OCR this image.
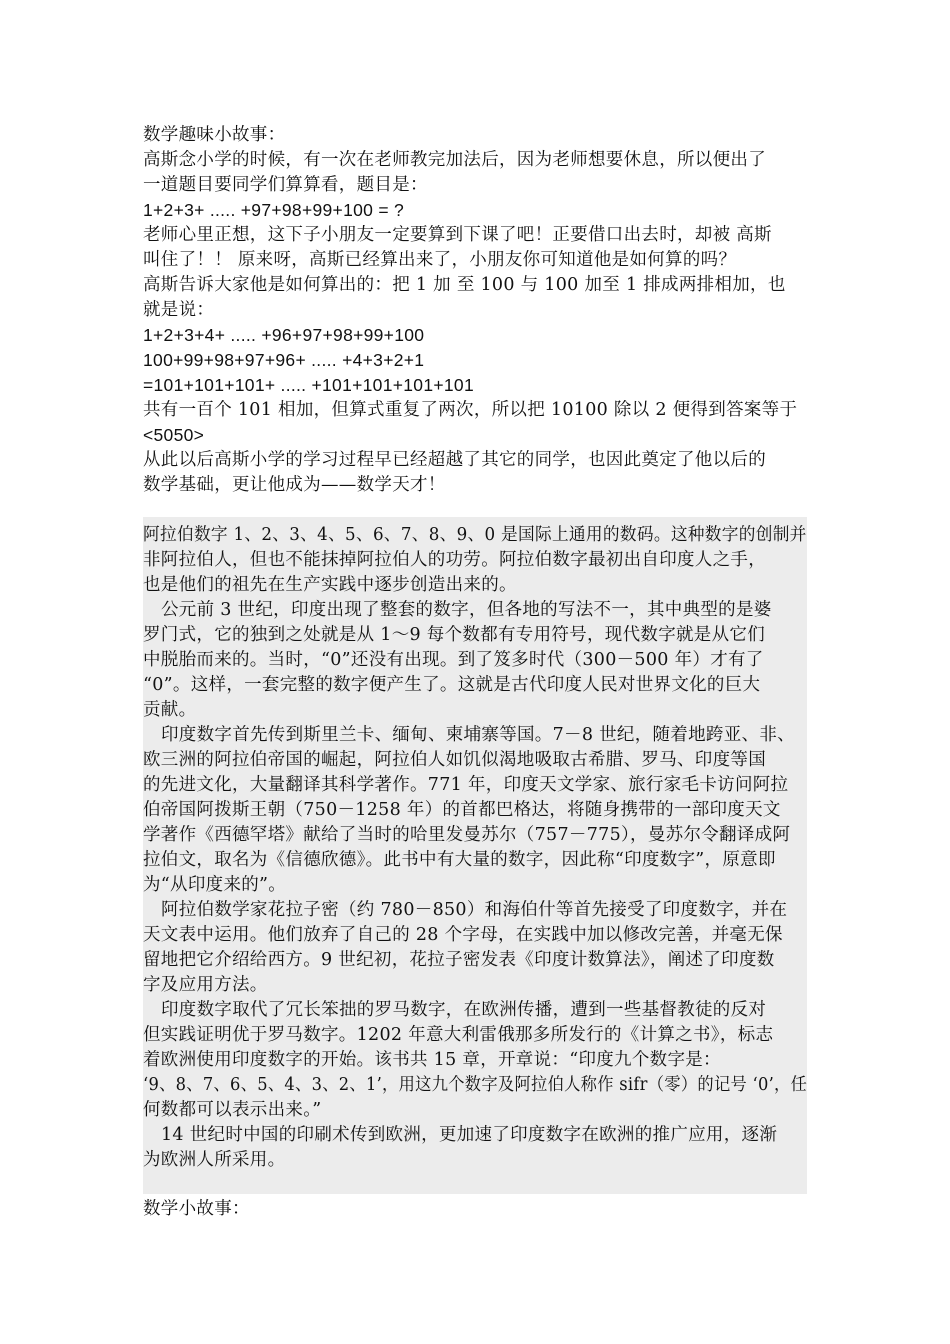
数学趣味小故事：
高斯念小学的时候，有一次在老师教完加法后，因为老师想要休息，所以便出了
一道题目要同学们算算看，题目是：
1+2+3+ ..... +97+98+99+100 = ?
老师心里正想，这下子小朋友一定要算到下课了吧！正要借口出去时，却被 高斯
叫住了！！ 原来呀，高斯已经算出来了，小朋友你可知道他是如何算的吗？
高斯告诉大家他是如何算出的：把 1 加 至 100 与 100 加至 1 排成两排相加，也
就是说：
1+2+3+4+ ..... +96+97+98+99+100
100+99+98+97+96+ ..... +4+3+2+1
=101+101+101+ ..... +101+101+101+101
共有一百个 101 相加，但算式重复了两次，所以把 10100 除以 2 便得到答案等于
<5050>
从此以后高斯小学的学习过程早已经超越了其它的同学，也因此奠定了他以后的
数学基础，更让他成为——数学天才！
阿拉伯数字 1、2、3、4、5、6、7、8、9、0 是国际上通用的数码。这种数字的创制并
非阿拉伯人，但也不能抹掉阿拉伯人的功劳。阿拉伯数字最初出自印度人之手，
也是他们的祖先在生产实践中逐步创造出来的。
公元前 3 世纪，印度出现了整套的数字，但各地的写法不一，其中典型的是婆
罗门式，它的独到之处就是从 1～9 每个数都有专用符号，现代数字就是从它们
中脱胎而来的。当时，“0”还没有出现。到了笈多时代（300－500 年）才有了
“0”。这样，一套完整的数字便产生了。这就是古代印度人民对世界文化的巨大
贡献。
印度数字首先传到斯里兰卡、缅甸、柬埔寨等国。7－8 世纪，随着地跨亚、非、
欧三洲的阿拉伯帝国的崛起，阿拉伯人如饥似渴地吸取古希腊、罗马、印度等国
的先进文化，大量翻译其科学著作。771 年，印度天文学家、旅行家毛卡访问阿拉
伯帝国阿拨斯王朝（750－1258 年）的首都巴格达，将随身携带的一部印度天文
学著作《西德罕塔》献给了当时的哈里发曼苏尔（757－775），曼苏尔令翻译成阿
拉伯文，取名为《信德欣德》。此书中有大量的数字，因此称“印度数字”，原意即
为“从印度来的”。
阿拉伯数学家花拉子密（约 780－850）和海伯什等首先接受了印度数字，并在
天文表中运用。他们放弃了自己的 28 个字母，在实践中加以修改完善，并毫无保
留地把它介绍给西方。9 世纪初，花拉子密发表《印度计数算法》，阐述了印度数
字及应用方法。
印度数字取代了冗长笨拙的罗马数字，在欧洲传播，遭到一些基督教徒的反对
但实践证明优于罗马数字。1202 年意大利雷俄那多所发行的《计算之书》，标志
着欧洲使用印度数字的开始。该书共 15 章，开章说：“印度九个数字是：
‘9、8、7、6、5、4、3、2、1’，用这九个数字及阿拉伯人称作 sifr（零）的记号 ‘0’，任
何数都可以表示出来。”
14 世纪时中国的印刷术传到欧洲，更加速了印度数字在欧洲的推广应用，逐渐
为欧洲人所采用。
数学小故事：
